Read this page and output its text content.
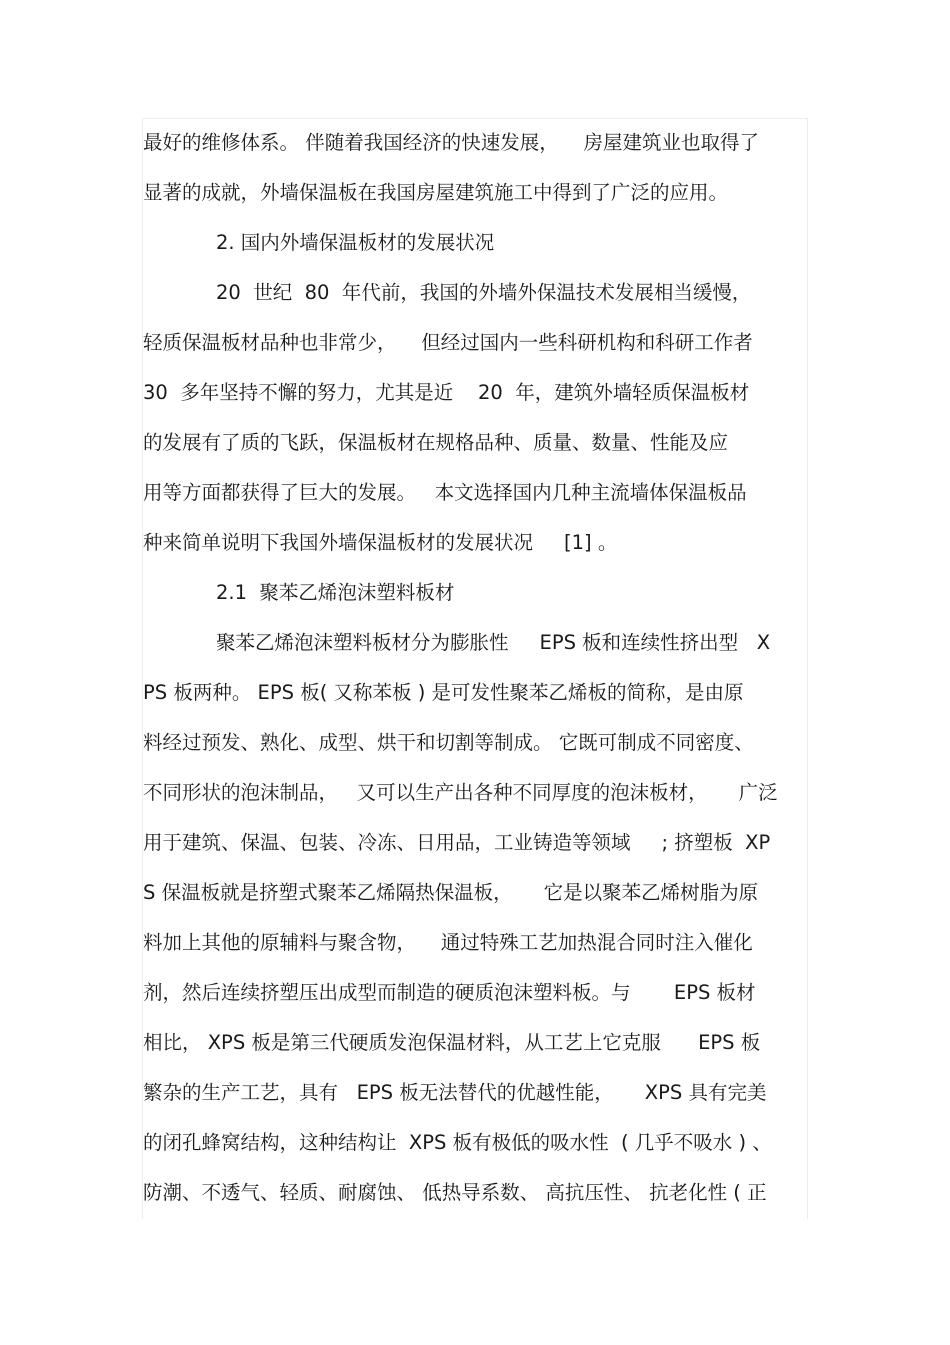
最好的维修体系。 伴随着我国经济的快速发展，    房屋建筑业也取得了
显著的成就，外墙保温板在我国房屋建筑施工中得到了广泛的应用。
2. 国内外墙保温板材的发展状况
20  世纪  80  年代前，我国的外墙外保温技术发展相当缓慢，
轻质保温板材品种也非常少，    但经过国内一些科研机构和科研工作者
30  多年坚持不懈的努力，尤其是近    20  年，建筑外墙轻质保温板材
的发展有了质的飞跃，保温板材在规格品种、质量、数量、性能及应
用等方面都获得了巨大的发展。   本文选择国内几种主流墙体保温板品
种来简单说明下我国外墙保温板材的发展状况     [1] 。
2.1  聚苯乙烯泡沫塑料板材
聚苯乙烯泡沫塑料板材分为膨胀性     EPS 板和连续性挤出型   X
PS 板两种。 EPS 板( 又称苯板 ) 是可发性聚苯乙烯板的简称，是由原
料经过预发、熟化、成型、烘干和切割等制成。 它既可制成不同密度、
不同形状的泡沫制品，   又可以生产出各种不同厚度的泡沫板材，     广泛
用于建筑、保温、包装、冷冻、日用品，工业铸造等领域     ; 挤塑板  XP
S 保温板就是挤塑式聚苯乙烯隔热保温板，     它是以聚苯乙烯树脂为原
料加上其他的原辅料与聚含物，    通过特殊工艺加热混合同时注入催化
剂，然后连续挤塑压出成型而制造的硬质泡沫塑料板。与       EPS 板材
相比， XPS 板是第三代硬质发泡保温材料，从工艺上它克服      EPS 板
繁杂的生产工艺，具有   EPS 板无法替代的优越性能，     XPS 具有完美
的闭孔蜂窝结构，这种结构让  XPS 板有极低的吸水性  ( 几乎不吸水 ) 、
防潮、不透气、轻质、耐腐蚀、 低热导系数、 高抗压性、 抗老化性 ( 正
